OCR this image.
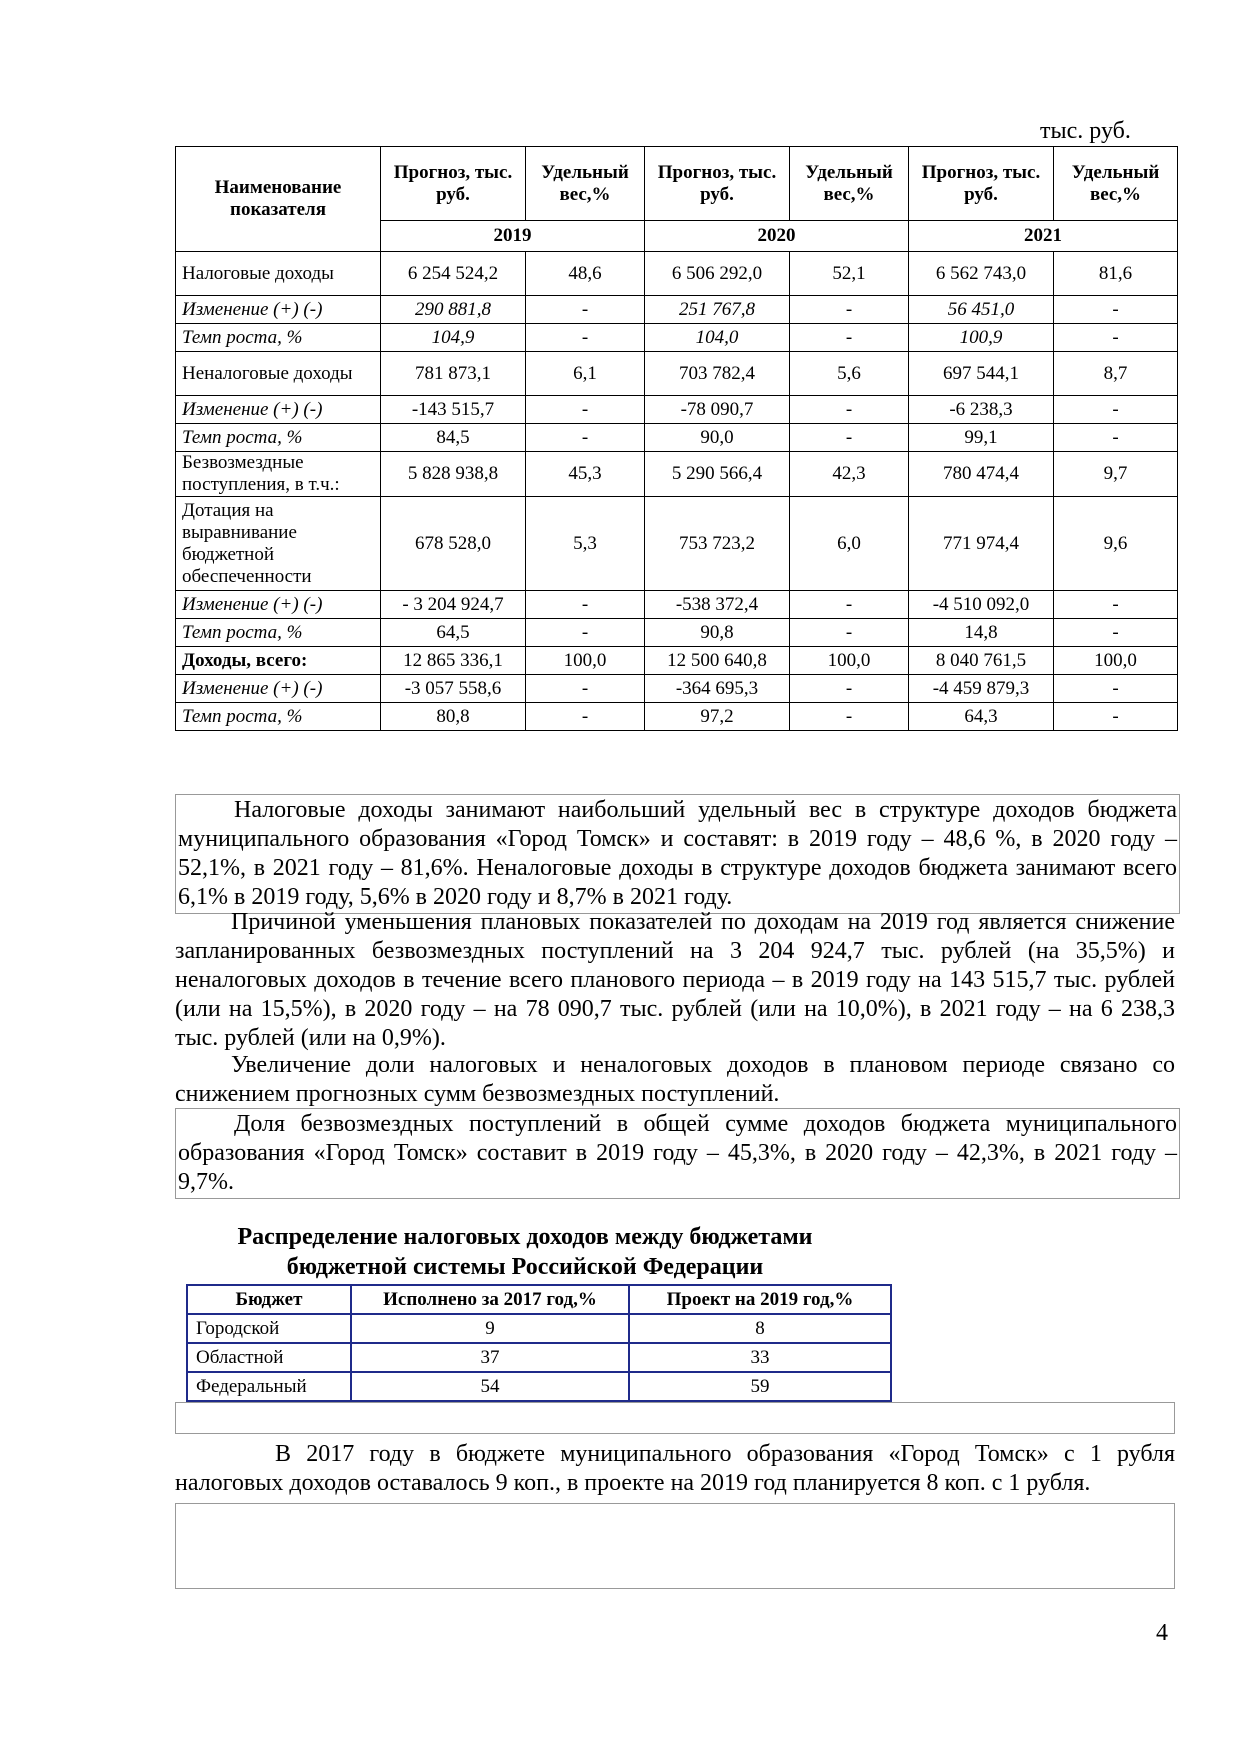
тыс. руб.
Наименование показателя	Прогноз, тыс. руб.	Удельный вес,%	Прогноз, тыс. руб.	Удельный вес,%	Прогноз, тыс. руб.	Удельный вес,%
	2019		2020		2021	
Налоговые доходы	6 254 524,2	48,6	6 506 292,0	52,1	6 562 743,0	81,6
Изменение (+) (-)	290 881,8	-	251 767,8	-	56 451,0	-
Темп роста, %	104,9	-	104,0	-	100,9	-
Неналоговые доходы	781 873,1	6,1	703 782,4	5,6	697 544,1	8,7
Изменение (+) (-)	-143 515,7	-	-78 090,7	-	-6 238,3	-
Темп роста, %	84,5	-	90,0	-	99,1	-
Безвозмездные поступления, в т.ч.:	5 828 938,8	45,3	5 290 566,4	42,3	780 474,4	9,7
Дотация на выравнивание бюджетной обеспеченности	678 528,0	5,3	753 723,2	6,0	771 974,4	9,6
Изменение (+) (-)	- 3 204 924,7	-	-538 372,4	-	-4 510 092,0	-
Темп роста, %	64,5	-	90,8	-	14,8	-
Доходы, всего:	12 865 336,1	100,0	12 500 640,8	100,0	8 040 761,5	100,0
Изменение (+) (-)	-3 057 558,6	-	-364 695,3	-	-4 459 879,3	-
Темп роста, %	80,8	-	97,2	-	64,3	-

Налоговые доходы занимают наибольший удельный вес в структуре доходов бюджета муниципального образования «Город Томск» и составят: в 2019 году – 48,6 %, в 2020 году – 52,1%, в 2021 году – 81,6%. Неналоговые доходы в структуре доходов бюджета занимают всего 6,1% в 2019 году, 5,6% в 2020 году и 8,7% в 2021 году.

Причиной уменьшения плановых показателей по доходам на 2019 год является снижение запланированных безвозмездных поступлений на 3 204 924,7 тыс. рублей (на 35,5%) и неналоговых доходов в течение всего планового периода – в 2019 году на 143 515,7 тыс. рублей (или на 15,5%), в 2020 году – на 78 090,7 тыс. рублей (или на 10,0%), в 2021 году – на 6 238,3 тыс. рублей (или на 0,9%).

Увеличение доли налоговых и неналоговых доходов в плановом периоде связано со снижением прогнозных сумм безвозмездных поступлений.

Доля безвозмездных поступлений в общей сумме доходов бюджета муниципального образования «Город Томск» составит в 2019 году – 45,3%, в 2020 году – 42,3%, в 2021 году – 9,7%.

Распределение налоговых доходов между бюджетами
бюджетной системы Российской Федерации

Бюджет	Исполнено за 2017 год,%	Проект на 2019 год,%
Городской	9	8
Областной	37	33
Федеральный	54	59

В 2017 году в бюджете муниципального образования «Город Томск» с 1 рубля налоговых доходов оставалось 9 коп., в проекте на 2019 год планируется 8 коп. с 1 рубля.

4
